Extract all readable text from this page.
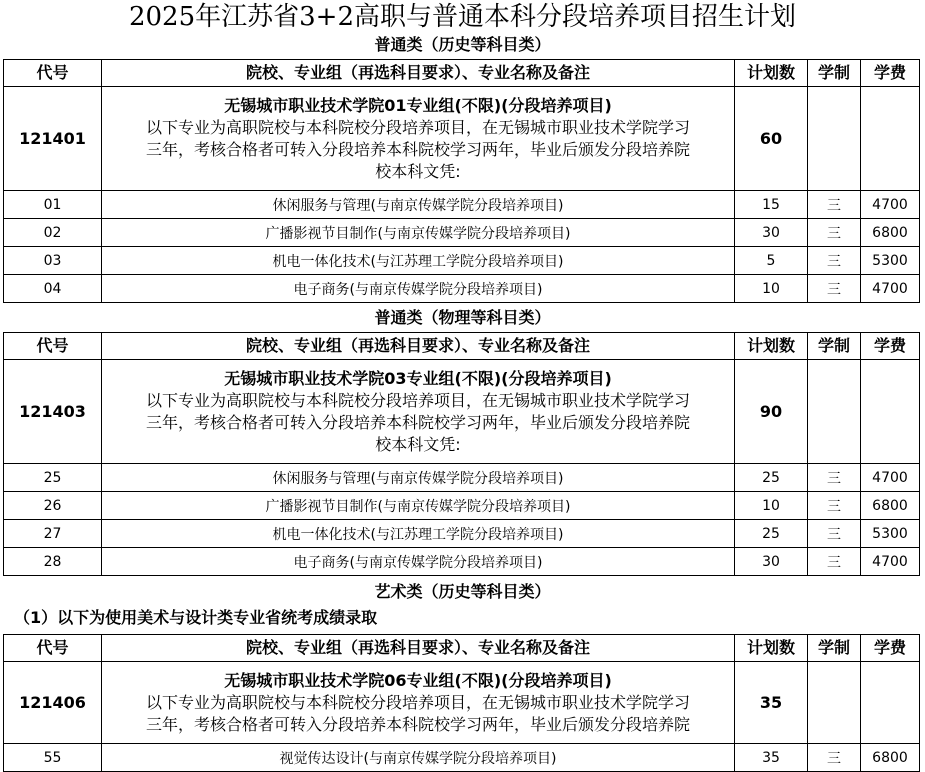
2025年江苏省3+2高职与普通本科分段培养项目招生计划
普通类（历史等科目类）
代号	院校、专业组（再选科目要求）、专业名称及备注	计划数	学制	学费
121401	无锡城市职业技术学院01专业组(不限)(分段培养项目)
以下专业为高职院校与本科院校分段培养项目，在无锡城市职业技术学院学习
三年，考核合格者可转入分段培养本科院校学习两年，毕业后颁发分段培养院
校本科文凭:	60		
01	休闲服务与管理(与南京传媒学院分段培养项目)	15	三	4700
02	广播影视节目制作(与南京传媒学院分段培养项目)	30	三	6800
03	机电一体化技术(与江苏理工学院分段培养项目)	5	三	5300
04	电子商务(与南京传媒学院分段培养项目)	10	三	4700
普通类（物理等科目类）
代号	院校、专业组（再选科目要求）、专业名称及备注	计划数	学制	学费
121403	无锡城市职业技术学院03专业组(不限)(分段培养项目)
以下专业为高职院校与本科院校分段培养项目，在无锡城市职业技术学院学习
三年，考核合格者可转入分段培养本科院校学习两年，毕业后颁发分段培养院
校本科文凭:	90		
25	休闲服务与管理(与南京传媒学院分段培养项目)	25	三	4700
26	广播影视节目制作(与南京传媒学院分段培养项目)	10	三	6800
27	机电一体化技术(与江苏理工学院分段培养项目)	25	三	5300
28	电子商务(与南京传媒学院分段培养项目)	30	三	4700
艺术类（历史等科目类）
（1）以下为使用美术与设计类专业省统考成绩录取
代号	院校、专业组（再选科目要求）、专业名称及备注	计划数	学制	学费
121406	无锡城市职业技术学院06专业组(不限)(分段培养项目)
以下专业为高职院校与本科院校分段培养项目，在无锡城市职业技术学院学习
三年，考核合格者可转入分段培养本科院校学习两年，毕业后颁发分段培养院	35		
55	视觉传达设计(与南京传媒学院分段培养项目)	35	三	6800
